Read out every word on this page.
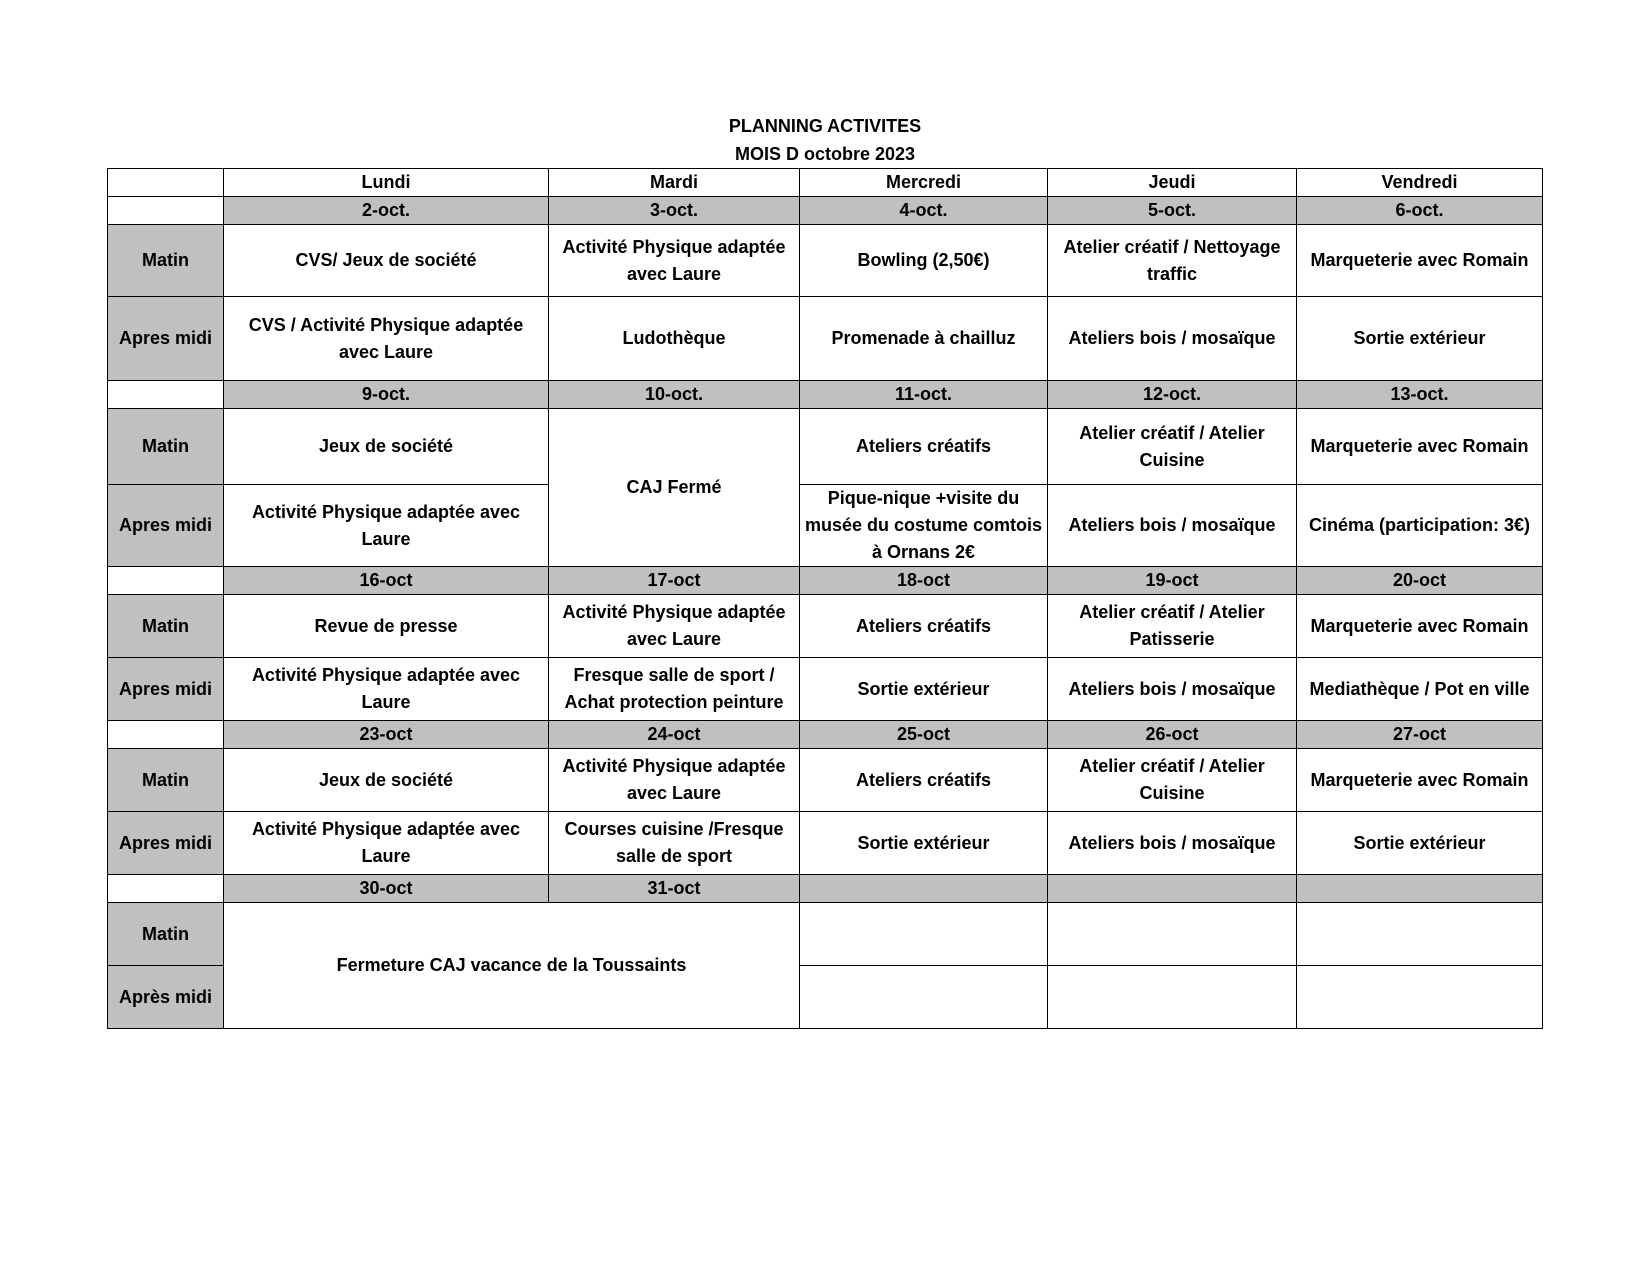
PLANNING ACTIVITES
MOIS D octobre 2023
	Lundi	Mardi	Mercredi	Jeudi	Vendredi
	2-oct.	3-oct.	4-oct.	5-oct.	6-oct.
Matin	CVS/ Jeux de société	Activité Physique adaptée avec Laure	Bowling (2,50€)	Atelier créatif / Nettoyage traffic	Marqueterie avec Romain
Apres midi	CVS / Activité Physique adaptée avec Laure	Ludothèque	Promenade à chailluz	Ateliers bois / mosaïque	Sortie extérieur
	9-oct.	10-oct.	11-oct.	12-oct.	13-oct.
Matin	Jeux de société	CAJ Fermé	Ateliers créatifs	Atelier créatif / Atelier Cuisine	Marqueterie avec Romain
Apres midi	Activité Physique adaptée avec Laure		Pique-nique +visite du musée du costume comtois à Ornans 2€	Ateliers bois / mosaïque	Cinéma (participation: 3€)
	16-oct	17-oct	18-oct	19-oct	20-oct
Matin	Revue de presse	Activité Physique adaptée avec Laure	Ateliers créatifs	Atelier créatif / Atelier Patisserie	Marqueterie avec Romain
Apres midi	Activité Physique adaptée avec Laure	Fresque salle de sport / Achat protection peinture	Sortie extérieur	Ateliers bois / mosaïque	Mediathèque / Pot en ville
	23-oct	24-oct	25-oct	26-oct	27-oct
Matin	Jeux de société	Activité Physique adaptée avec Laure	Ateliers créatifs	Atelier créatif / Atelier Cuisine	Marqueterie avec Romain
Apres midi	Activité Physique adaptée avec Laure	Courses cuisine /Fresque salle de sport	Sortie extérieur	Ateliers bois / mosaïque	Sortie extérieur
	30-oct	31-oct			
Matin	Fermeture CAJ vacance de la Toussaints				
Après midi					
